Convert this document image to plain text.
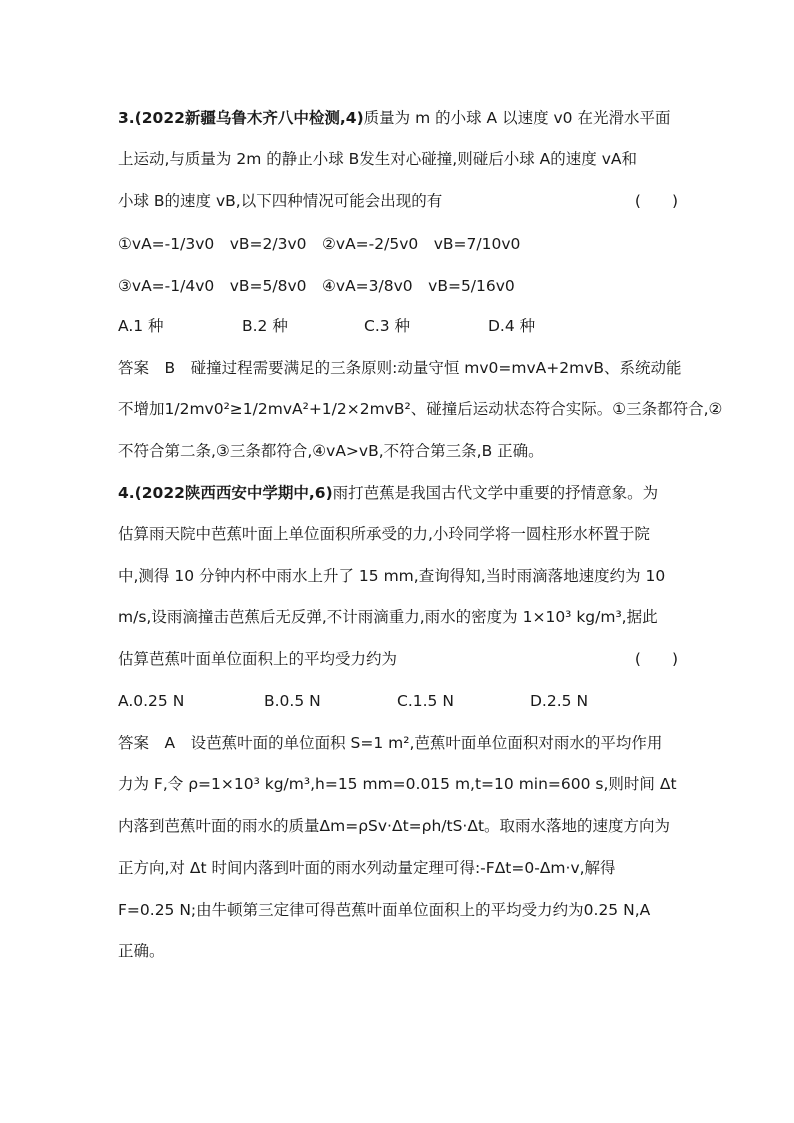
3.(2022新疆乌鲁木齐八中检测,4)质量为 m 的小球 A 以速度 v0 在光滑水平面
上运动,与质量为 2m 的静止小球 B发生对心碰撞,则碰后小球 A的速度 vA和
小球 B的速度 vB,以下四种情况可能会出现的有	(　　)
①vA=-1/3v0　vB=2/3v0　②vA=-2/5v0　vB=7/10v0
③vA=-1/4v0　vB=5/8v0　④vA=3/8v0　vB=5/16v0
A.1 种	B.2 种	C.3 种	D.4 种
答案　B　碰撞过程需要满足的三条原则:动量守恒 mv0=mvA+2mvB、系统动能
不增加1/2mv0²≥1/2mvA²+1/2×2mvB²、碰撞后运动状态符合实际。①三条都符合,②
不符合第二条,③三条都符合,④vA>vB,不符合第三条,B 正确。
4.(2022陕西西安中学期中,6)雨打芭蕉是我国古代文学中重要的抒情意象。为
估算雨天院中芭蕉叶面上单位面积所承受的力,小玲同学将一圆柱形水杯置于院
中,测得 10 分钟内杯中雨水上升了 15 mm,查询得知,当时雨滴落地速度约为 10
m/s,设雨滴撞击芭蕉后无反弹,不计雨滴重力,雨水的密度为 1×10³ kg/m³,据此
估算芭蕉叶面单位面积上的平均受力约为	(　　)
A.0.25 N	B.0.5 N	C.1.5 N	D.2.5 N
答案　A　设芭蕉叶面的单位面积 S=1 m²,芭蕉叶面单位面积对雨水的平均作用
力为 F,令 ρ=1×10³ kg/m³,h=15 mm=0.015 m,t=10 min=600 s,则时间 Δt
内落到芭蕉叶面的雨水的质量Δm=ρSv·Δt=ρh/tS·Δt。取雨水落地的速度方向为
正方向,对 Δt 时间内落到叶面的雨水列动量定理可得:-FΔt=0-Δm·v,解得
F=0.25 N;由牛顿第三定律可得芭蕉叶面单位面积上的平均受力约为0.25 N,A
正确。
